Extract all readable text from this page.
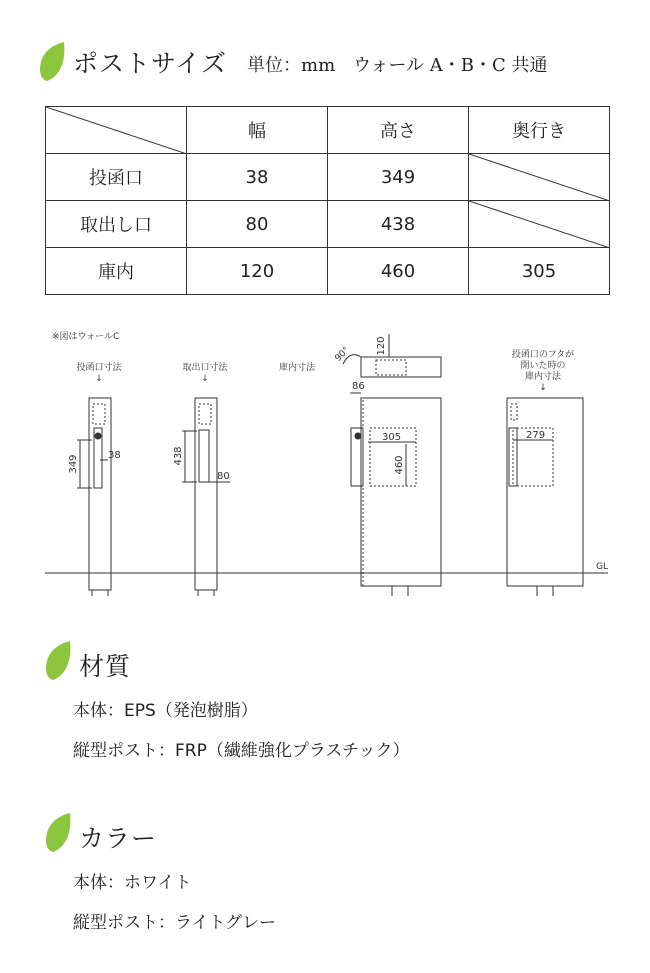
ポストサイズ 単位：mm　ウォール A・B・C 共通
	幅	高さ	奥行き
投函口	38	349	

取出し口	80	438	

庫内	120	460	305
※図はウォールC
投函口寸法
↓
取出口寸法
↓
庫内寸法
投函口のフタが
開いた時の
庫内寸法
↓
GL
349	38	438
80
90° 120
86
305
460
279
材質
本体：EPS（発泡樹脂）
縦型ポスト：FRP（繊維強化プラスチック）
カラー
本体：ホワイト
縦型ポスト：ライトグレー
